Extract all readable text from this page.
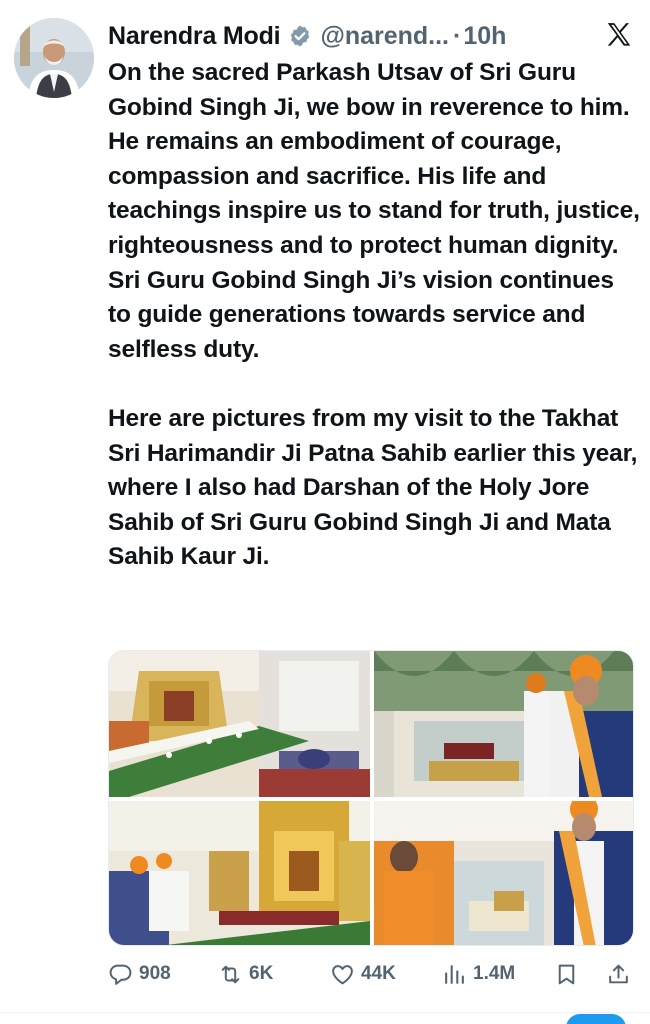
Narendra Modi @narend... · 10h

On the sacred Parkash Utsav of Sri Guru Gobind Singh Ji, we bow in reverence to him. He remains an embodiment of courage, compassion and sacrifice. His life and teachings inspire us to stand for truth, justice, righteousness and to protect human dignity. Sri Guru Gobind Singh Ji’s vision continues to guide generations towards service and selfless duty.

Here are pictures from my visit to the Takhat Sri Harimandir Ji Patna Sahib earlier this year, where I also had Darshan of the Holy Jore Sahib of Sri Guru Gobind Singh Ji and Mata Sahib Kaur Ji.

908	6K	44K	1.4M
